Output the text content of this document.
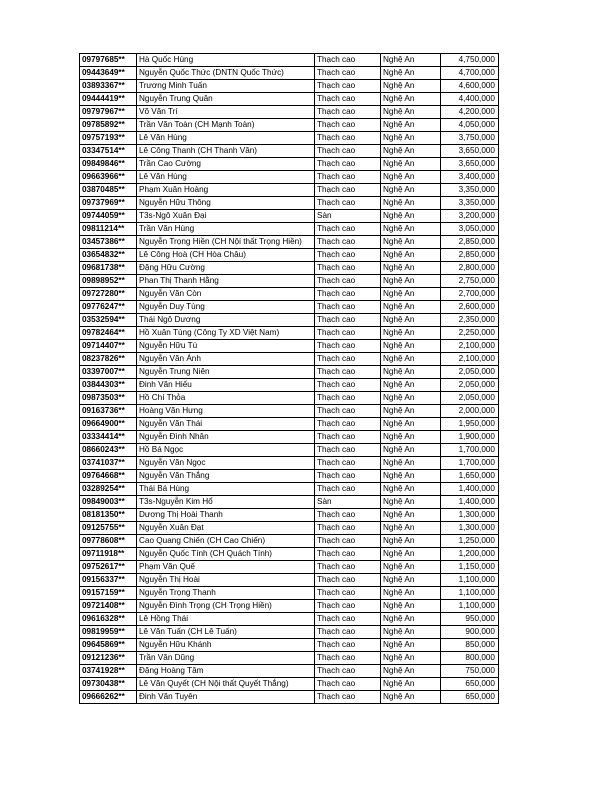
09797685**	Hà Quốc Hùng	Thạch cao	Nghệ An	4,750,000
09443649**	Nguyễn Quốc Thức (DNTN Quốc Thức)	Thạch cao	Nghệ An	4,700,000
03893367**	Trương Minh Tuấn	Thạch cao	Nghệ An	4,600,000
09444419**	Nguyễn Trung Quân	Thạch cao	Nghệ An	4,400,000
09797967**	Võ Văn Trí	Thạch cao	Nghệ An	4,200,000
09785892**	Trần Văn Toàn (CH Mạnh Toàn)	Thạch cao	Nghệ An	4,050,000
09757193**	Lê Văn Hùng	Thạch cao	Nghệ An	3,750,000
03347514**	Lê Công Thanh (CH Thanh Vân)	Thạch cao	Nghệ An	3,650,000
09849846**	Trần Cao Cường	Thạch cao	Nghệ An	3,650,000
09663966**	Lê Văn Hùng	Thạch cao	Nghệ An	3,400,000
03870485**	Phạm Xuân Hoàng	Thạch cao	Nghệ An	3,350,000
09737969**	Nguyễn Hữu Thông	Thạch cao	Nghệ An	3,350,000
09744059**	T3s-Ngô Xuân Đại	Sàn	Nghệ An	3,200,000
09811214**	Trần Văn Hùng	Thạch cao	Nghệ An	3,050,000
03457386**	Nguyễn Trọng Hiền (CH Nội thất Trọng Hiền)	Thạch cao	Nghệ An	2,850,000
03654832**	Lê Công Hoà (CH Hòa Châu)	Thạch cao	Nghệ An	2,850,000
09681738**	Đặng Hữu Cường	Thạch cao	Nghệ An	2,800,000
09898952**	Phan Thị Thanh Hằng	Thạch cao	Nghệ An	2,750,000
09727280**	Nguyễn Văn Còn	Thạch cao	Nghệ An	2,700,000
09776247**	Nguyễn Duy Tùng	Thạch cao	Nghệ An	2,600,000
03532594**	Thái Ngô Dương	Thạch cao	Nghệ An	2,350,000
09782464**	Hồ Xuân Tùng (Công Ty XD Việt Nam)	Thạch cao	Nghệ An	2,250,000
09714407**	Nguyễn Hữu Tú	Thạch cao	Nghệ An	2,100,000
08237826**	Nguyễn Văn Ánh	Thạch cao	Nghệ An	2,100,000
03397007**	Nguyễn Trung Niên	Thạch cao	Nghệ An	2,050,000
03844303**	Đinh Văn Hiếu	Thạch cao	Nghệ An	2,050,000
09873503**	Hồ Chí Thỏa	Thạch cao	Nghệ An	2,050,000
09163736**	Hoàng Văn Hưng	Thạch cao	Nghệ An	2,000,000
09664900**	Nguyễn Văn Thái	Thạch cao	Nghệ An	1,950,000
03334414**	Nguyễn Đình Nhân	Thạch cao	Nghệ An	1,900,000
08660243**	Hồ Bá Ngọc	Thạch cao	Nghệ An	1,700,000
03741037**	Nguyễn Văn Ngọc	Thạch cao	Nghệ An	1,700,000
09764668**	Nguyễn Văn Thắng	Thạch cao	Nghệ An	1,650,000
03289254**	Thái Bá Hùng	Thạch cao	Nghệ An	1,400,000
09849003**	T3s-Nguyễn Kim Hổ	Sàn	Nghệ An	1,400,000
08181350**	Dương Thị Hoài Thanh	Thạch cao	Nghệ An	1,300,000
09125755**	Nguyễn Xuân Đạt	Thạch cao	Nghệ An	1,300,000
09778608**	Cao Quang Chiến (CH Cao Chiến)	Thạch cao	Nghệ An	1,250,000
09711918**	Nguyễn Quốc Tính (CH Quách Tính)	Thạch cao	Nghệ An	1,200,000
09752617**	Phạm Văn Quế	Thạch cao	Nghệ An	1,150,000
09156337**	Nguyễn Thị Hoài	Thạch cao	Nghệ An	1,100,000
09157159**	Nguyễn Trọng Thanh	Thạch cao	Nghệ An	1,100,000
09721408**	Nguyễn Đình Trọng (CH Trọng Hiền)	Thạch cao	Nghệ An	1,100,000
09616328**	Lê Hồng Thái	Thạch cao	Nghệ An	950,000
09819959**	Lê Văn Tuấn (CH Lê Tuấn)	Thạch cao	Nghệ An	900,000
09645869**	Nguyễn Hữu Khánh	Thạch cao	Nghệ An	850,000
09121236**	Trần Văn Dũng	Thạch cao	Nghệ An	800,000
03741928**	Đặng Hoàng Tâm	Thạch cao	Nghệ An	750,000
09730438**	Lê Văn Quyết (CH Nội thất Quyết Thắng)	Thạch cao	Nghệ An	650,000
09666262**	Đinh Văn Tuyên	Thạch cao	Nghệ An	650,000
